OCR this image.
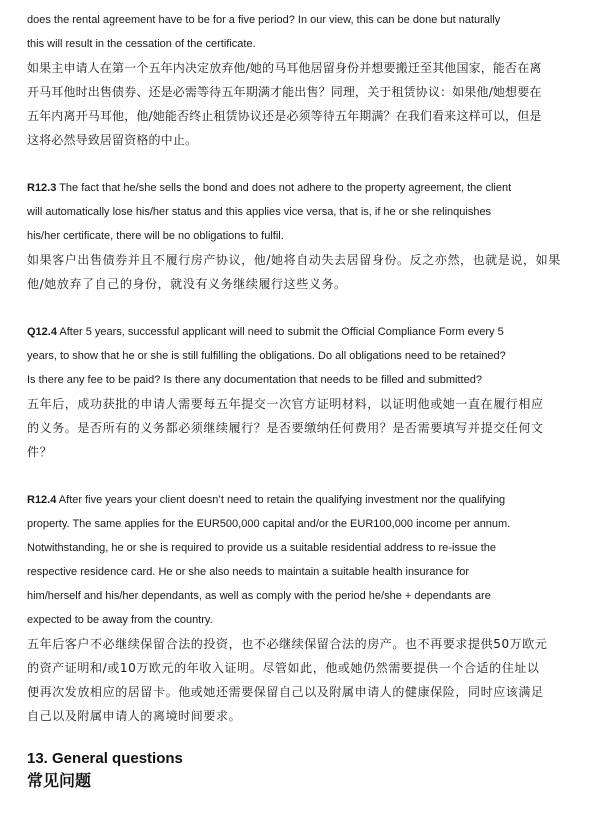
does the rental agreement have to be for a five period? In our view, this can be done but naturally

this will result in the cessation of the certificate.

如果主申请人在第一个五年内决定放弃他/她的马耳他居留身份并想要搬迁至其他国家，能否在离

开马耳他时出售债券、还是必需等待五年期满才能出售？同理，关于租赁协议：如果他/她想要在

五年内离开马耳他，他/她能否终止租赁协议还是必须等待五年期满？在我们看来这样可以，但是

这将必然导致居留资格的中止。

R12.3 The fact that he/she sells the bond and does not adhere to the property agreement, the client

will automatically lose his/her status and this applies vice versa, that is, if he or she relinquishes

his/her certificate, there will be no obligations to fulfil.

如果客户出售债券并且不履行房产协议，他/她将自动失去居留身份。反之亦然，也就是说，如果

他/她放弃了自己的身份，就没有义务继续履行这些义务。

Q12.4 After 5 years, successful applicant will need to submit the Official Compliance Form every 5

years, to show that he or she is still fulfilling the obligations. Do all obligations need to be retained?

Is there any fee to be paid? Is there any documentation that needs to be filled and submitted?

五年后，成功获批的申请人需要每五年提交一次官方证明材料，以证明他或她一直在履行相应

的义务。是否所有的义务都必须继续履行？是否要缴纳任何费用？是否需要填写并提交任何文

件？

R12.4 After five years your client doesn’t need to retain the qualifying investment nor the qualifying

property. The same applies for the EUR500,000 capital and/or the EUR100,000 income per annum.

Notwithstanding, he or she is required to provide us a suitable residential address to re-issue the

respective residence card. He or she also needs to maintain a suitable health insurance for

him/herself and his/her dependants, as well as comply with the period he/she + dependants are

expected to be away from the country.

五年后客户不必继续保留合法的投资，也不必继续保留合法的房产。也不再要求提供50万欧元

的资产证明和/或10万欧元的年收入证明。尽管如此，他或她仍然需要提供一个合适的住址以

便再次发放相应的居留卡。他或她还需要保留自己以及附属申请人的健康保险，同时应该满足

自己以及附属申请人的离境时间要求。

13. General questions

常见问题
